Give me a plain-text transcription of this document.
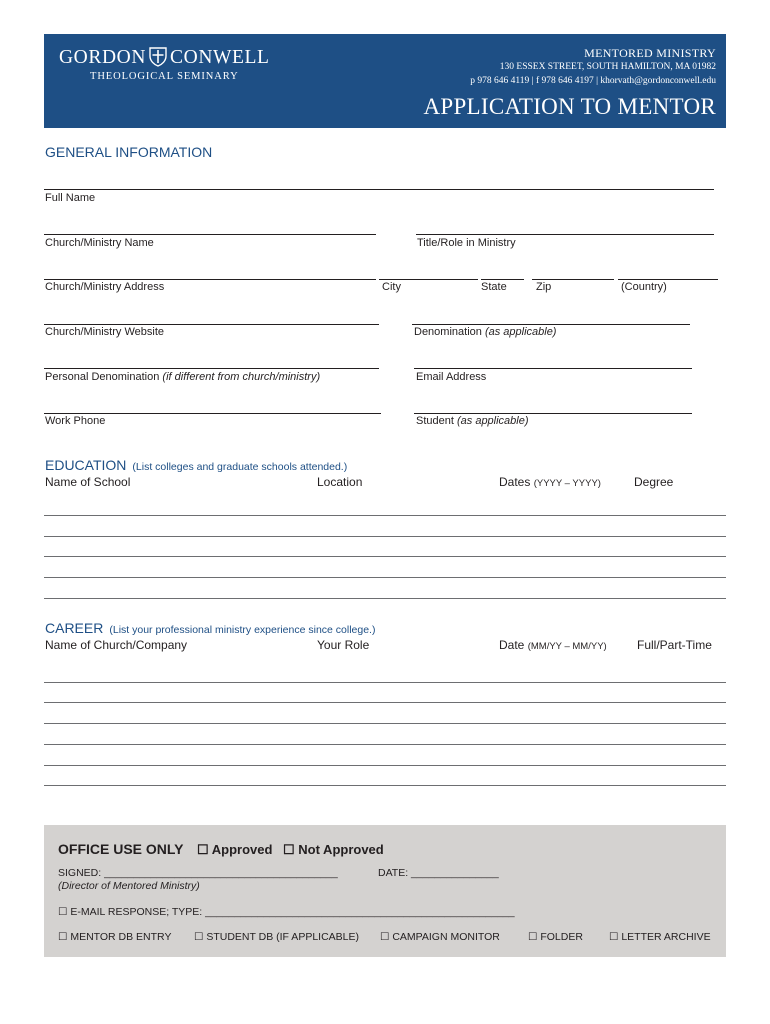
GORDON CONWELL
THEOLOGICAL SEMINARY
MENTORED MINISTRY
130 ESSEX STREET, SOUTH HAMILTON, MA 01982
p 978 646 4119 | f 978 646 4197 | khorvath@gordonconwell.edu
APPLICATION TO MENTOR
GENERAL INFORMATION
Full Name
Church/Ministry Name	Title/Role in Ministry
Church/Ministry Address	City	State	Zip	(Country)
Church/Ministry Website	Denomination (as applicable)
Personal Denomination (if different from church/ministry)	Email Address
Work Phone	Student (as applicable)
EDUCATION (List colleges and graduate schools attended.)
Name of School	Location	Dates (YYYY – YYYY)	Degree
CAREER (List your professional ministry experience since college.)
Name of Church/Company	Your Role	Date (MM/YY – MM/YY)	Full/Part-Time
OFFICE USE ONLY ☐ Approved ☐ Not Approved
SIGNED: ________________________________________	DATE: _______________
(Director of Mentored Ministry)
☐ E-MAIL RESPONSE; TYPE: _____________________________________________________
☐ MENTOR DB ENTRY ☐ STUDENT DB (IF APPLICABLE) ☐ CAMPAIGN MONITOR	☐ FOLDER ☐ LETTER ARCHIVE
